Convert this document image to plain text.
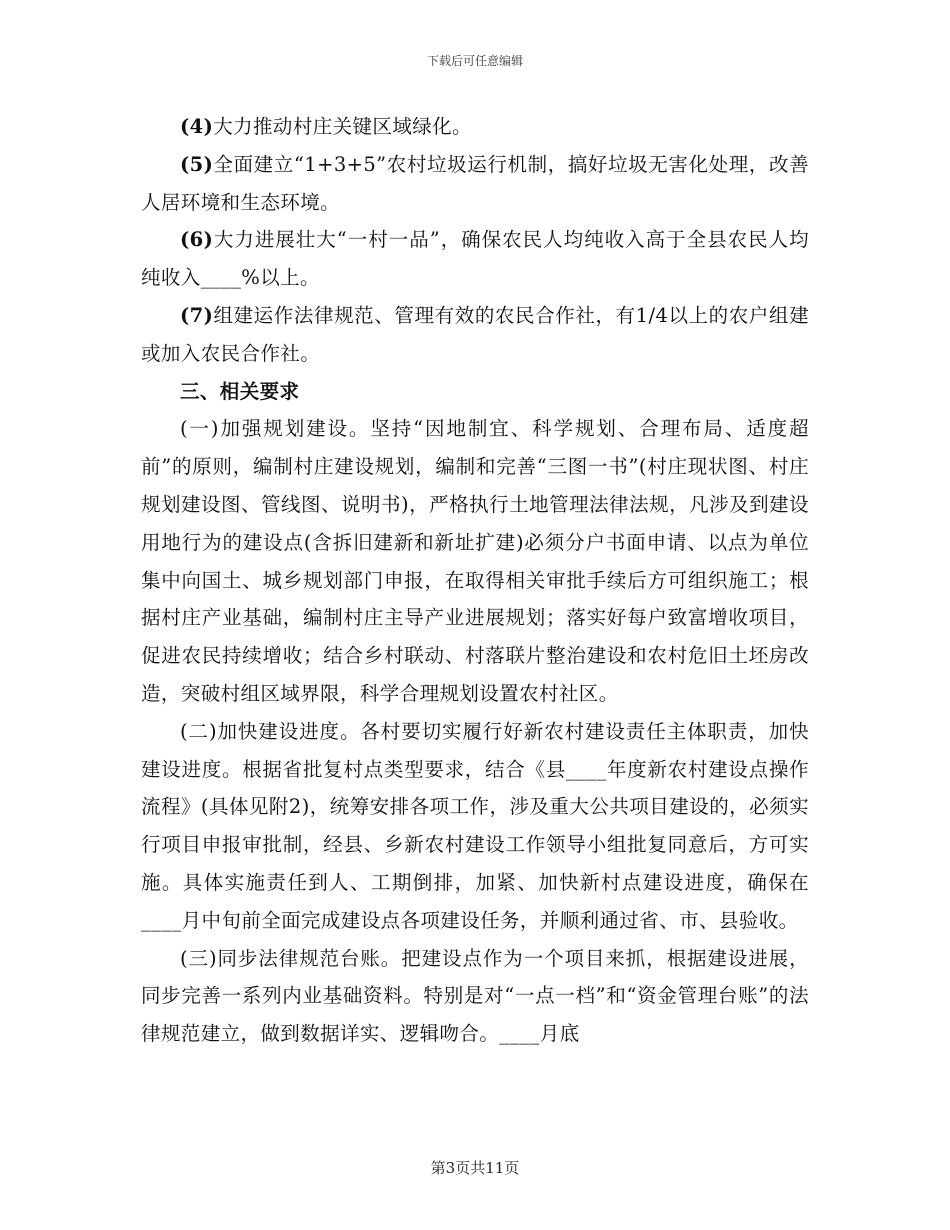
下载后可任意编辑

(4)大力推动村庄关键区域绿化。

(5)全面建立“1+3+5”农村垃圾运行机制，搞好垃圾无害化处理，改善人居环境和生态环境。

(6)大力进展壮大“一村一品”，确保农民人均纯收入高于全县农民人均纯收入____%以上。

(7)组建运作法律规范、管理有效的农民合作社，有1/4以上的农户组建或加入农民合作社。

三、相关要求

(一)加强规划建设。坚持“因地制宜、科学规划、合理布局、适度超前”的原则，编制村庄建设规划，编制和完善“三图一书”(村庄现状图、村庄规划建设图、管线图、说明书)，严格执行土地管理法律法规，凡涉及到建设用地行为的建设点(含拆旧建新和新址扩建)必须分户书面申请、以点为单位集中向国土、城乡规划部门申报，在取得相关审批手续后方可组织施工；根据村庄产业基础，编制村庄主导产业进展规划；落实好每户致富增收项目，促进农民持续增收；结合乡村联动、村落联片整治建设和农村危旧土坯房改造，突破村组区域界限，科学合理规划设置农村社区。

(二)加快建设进度。各村要切实履行好新农村建设责任主体职责，加快建设进度。根据省批复村点类型要求，结合《县____年度新农村建设点操作流程》(具体见附2)，统筹安排各项工作，涉及重大公共项目建设的，必须实行项目申报审批制，经县、乡新农村建设工作领导小组批复同意后，方可实施。具体实施责任到人、工期倒排，加紧、加快新村点建设进度，确保在____月中旬前全面完成建设点各项建设任务，并顺利通过省、市、县验收。

(三)同步法律规范台账。把建设点作为一个项目来抓，根据建设进展，同步完善一系列内业基础资料。特别是对“一点一档”和“资金管理台账”的法律规范建立，做到数据详实、逻辑吻合。____月底

第3页共11页
